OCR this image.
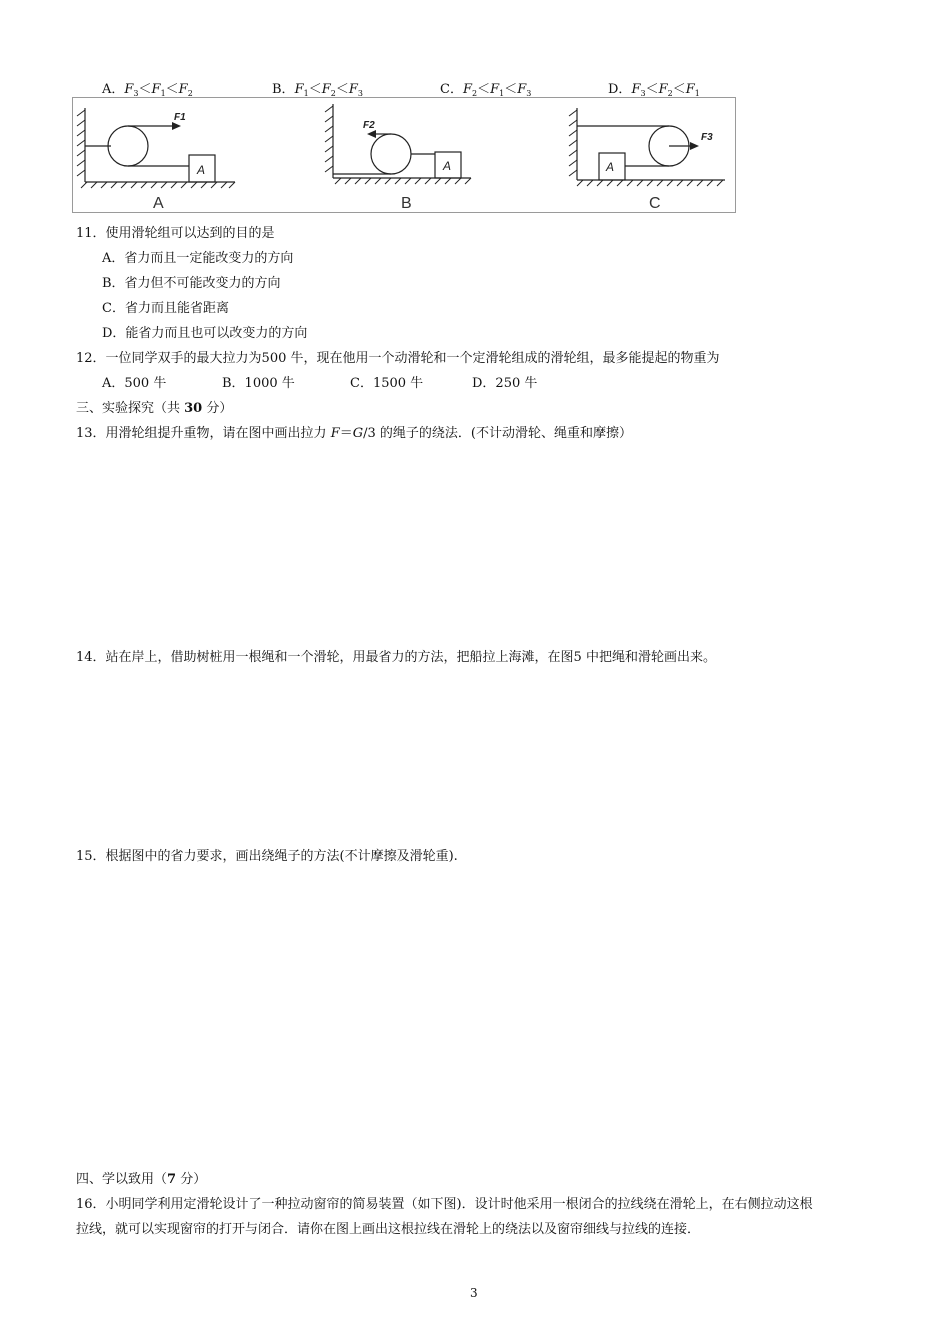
A．$F_3<F_1<F_2$	B．$F_1<F_2<F_3$	C．$F_2<F_1<F_3$	D．$F_3<F_2<F_1$
A
F1
A
A
F2
B
A
F3
C
11．使用滑轮组可以达到的目的是
A．省力而且一定能改变力的方向
B．省力但不可能改变力的方向
C．省力而且能省距离
D．能省力而且也可以改变力的方向
12．一位同学双手的最大拉力为500 牛，现在他用一个动滑轮和一个定滑轮组成的滑轮组，最多能提起的物重为
A．500 牛	B．1000 牛	C．1500 牛	D．250 牛
三、实验探究（共 30 分）
13．用滑轮组提升重物，请在图中画出拉力 F＝G/3 的绳子的绕法．(不计动滑轮、绳重和摩擦）
14．站在岸上，借助树桩用一根绳和一个滑轮，用最省力的方法，把船拉上海滩，在图5 中把绳和滑轮画出来。
15．根据图中的省力要求，画出绕绳子的方法(不计摩擦及滑轮重).
四、学以致用（7 分）
16．小明同学利用定滑轮设计了一种拉动窗帘的简易装置（如下图)．设计时他采用一根闭合的拉线绕在滑轮上，在右侧拉动这根
拉线，就可以实现窗帘的打开与闭合．请你在图上画出这根拉线在滑轮上的绕法以及窗帘细线与拉线的连接．
3
